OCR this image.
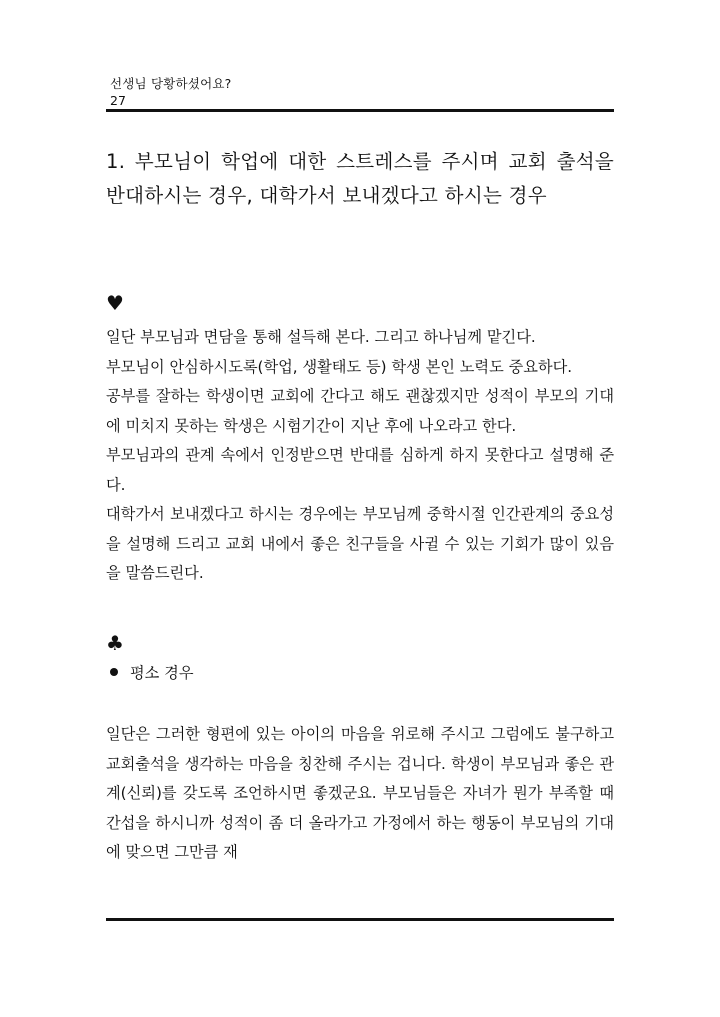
선생님 당황하셨어요?
27

1. 부모님이 학업에 대한 스트레스를 주시며 교회 출석을 반대하시는 경우, 대학가서 보내겠다고 하시는 경우

♥

일단 부모님과 면담을 통해 설득해 본다. 그리고 하나님께 맡긴다.

부모님이 안심하시도록(학업, 생활태도 등) 학생 본인 노력도 중요하다.

공부를 잘하는 학생이면 교회에 간다고 해도 괜찮겠지만 성적이 부모의 기대에 미치지 못하는 학생은 시험기간이 지난 후에 나오라고 한다.

부모님과의 관계 속에서 인정받으면 반대를 심하게 하지 못한다고 설명해 준다.

대학가서 보내겠다고 하시는 경우에는 부모님께 중학시절 인간관계의 중요성을 설명해 드리고 교회 내에서 좋은 친구들을 사귈 수 있는 기회가 많이 있음을 말씀드린다.

♣
평소 경우

일단은 그러한 형편에 있는 아이의 마음을 위로해 주시고 그럼에도 불구하고 교회출석을 생각하는 마음을 칭찬해 주시는 겁니다. 학생이 부모님과 좋은 관계(신뢰)를 갖도록 조언하시면 좋겠군요. 부모님들은 자녀가 뭔가 부족할 때 간섭을 하시니까 성적이 좀 더 올라가고 가정에서 하는 행동이 부모님의 기대에 맞으면 그만큼 재
